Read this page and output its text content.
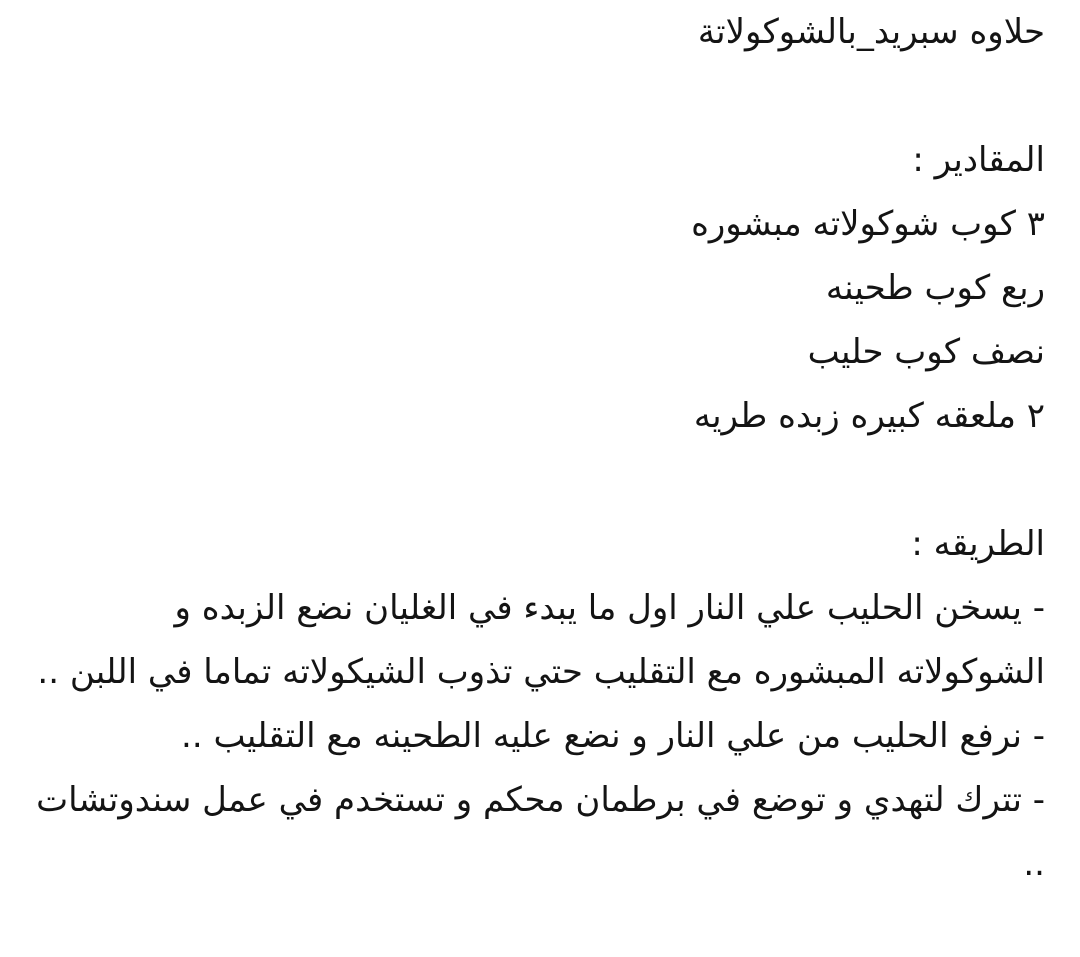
حلاوه سبريد_بالشوكولاتة
المقادير :
٣ كوب شوكولاته مبشوره
ربع كوب طحينه
نصف كوب حليب
٢ ملعقه كبيره زبده طريه
الطريقه :
- يسخن الحليب علي النار اول ما يبدء في الغليان نضع الزبده و الشوكولاته المبشوره مع التقليب حتي تذوب الشيكولاته تماما في اللبن ..
- نرفع الحليب من علي النار و نضع عليه الطحينه مع التقليب ..
- تترك لتهدي و توضع في برطمان محكم و تستخدم في عمل سندوتشات ..
